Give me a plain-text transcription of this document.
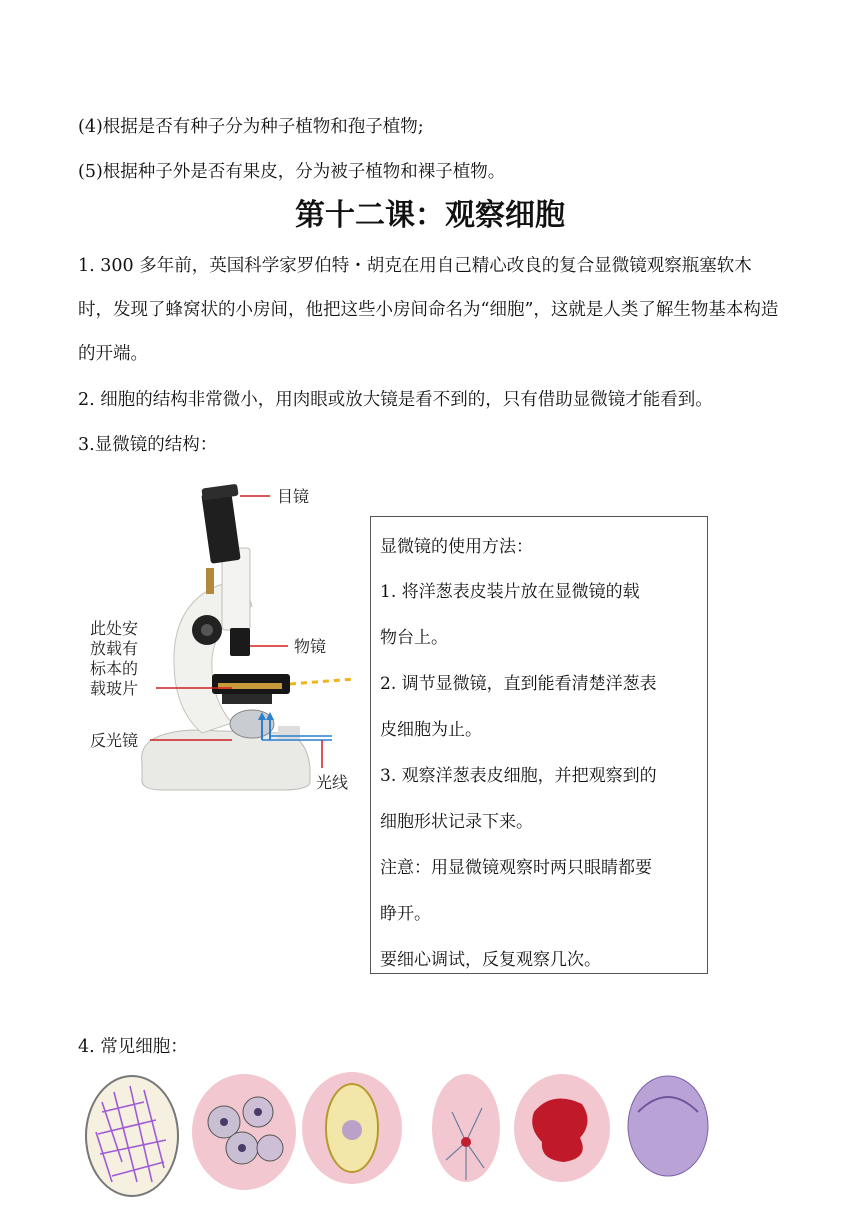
(4)根据是否有种子分为种子植物和孢子植物;
(5)根据种子外是否有果皮，分为被子植物和裸子植物。
第十二课：观察细胞
1. 300 多年前，英国科学家罗伯特・胡克在用自己精心改良的复合显微镜观察瓶塞软木时，发现了蜂窝状的小房间，他把这些小房间命名为“细胞”，这就是人类了解生物基本构造的开端。
2. 细胞的结构非常微小，用肉眼或放大镜是看不到的，只有借助显微镜才能看到。
3.显微镜的结构：
目镜
物镜
此处安
放载有
标本的
载玻片
反光镜
光线
显微镜的使用方法：
1. 将洋葱表皮装片放在显微镜的载
物台上。
2. 调节显微镜，直到能看清楚洋葱表
皮细胞为止。
3. 观察洋葱表皮细胞，并把观察到的
细胞形状记录下来。
注意：用显微镜观察时两只眼睛都要
睁开。
要细心调试，反复观察几次。
4. 常见细胞：
